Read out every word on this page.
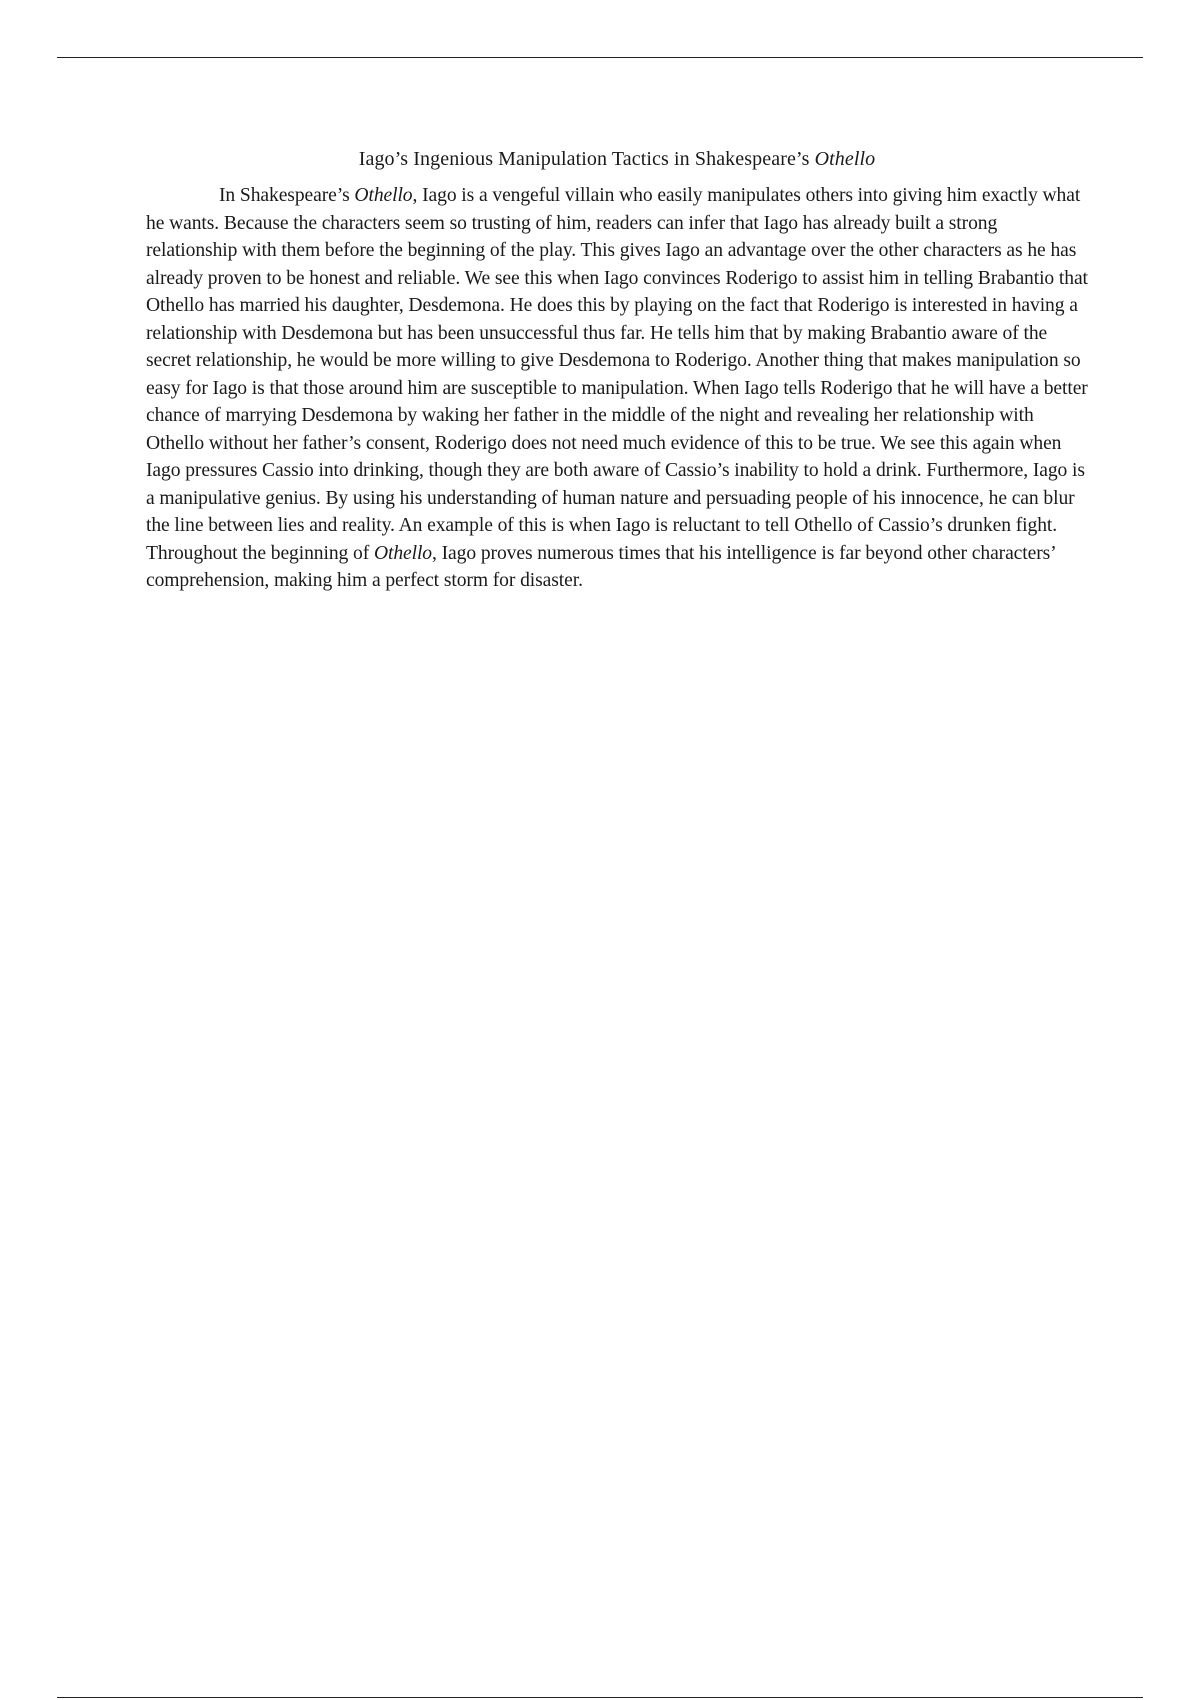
Iago’s Ingenious Manipulation Tactics in Shakespeare’s Othello

In Shakespeare’s Othello, Iago is a vengeful villain who easily manipulates others into giving him exactly what he wants. Because the characters seem so trusting of him, readers can infer that Iago has already built a strong relationship with them before the beginning of the play. This gives Iago an advantage over the other characters as he has already proven to be honest and reliable. We see this when Iago convinces Roderigo to assist him in telling Brabantio that Othello has married his daughter, Desdemona. He does this by playing on the fact that Roderigo is interested in having a relationship with Desdemona but has been unsuccessful thus far. He tells him that by making Brabantio aware of the secret relationship, he would be more willing to give Desdemona to Roderigo. Another thing that makes manipulation so easy for Iago is that those around him are susceptible to manipulation. When Iago tells Roderigo that he will have a better chance of marrying Desdemona by waking her father in the middle of the night and revealing her relationship with Othello without her father’s consent, Roderigo does not need much evidence of this to be true. We see this again when Iago pressures Cassio into drinking, though they are both aware of Cassio’s inability to hold a drink. Furthermore, Iago is a manipulative genius. By using his understanding of human nature and persuading people of his innocence, he can blur the line between lies and reality. An example of this is when Iago is reluctant to tell Othello of Cassio’s drunken fight. Throughout the beginning of Othello, Iago proves numerous times that his intelligence is far beyond other characters’ comprehension, making him a perfect storm for disaster.
